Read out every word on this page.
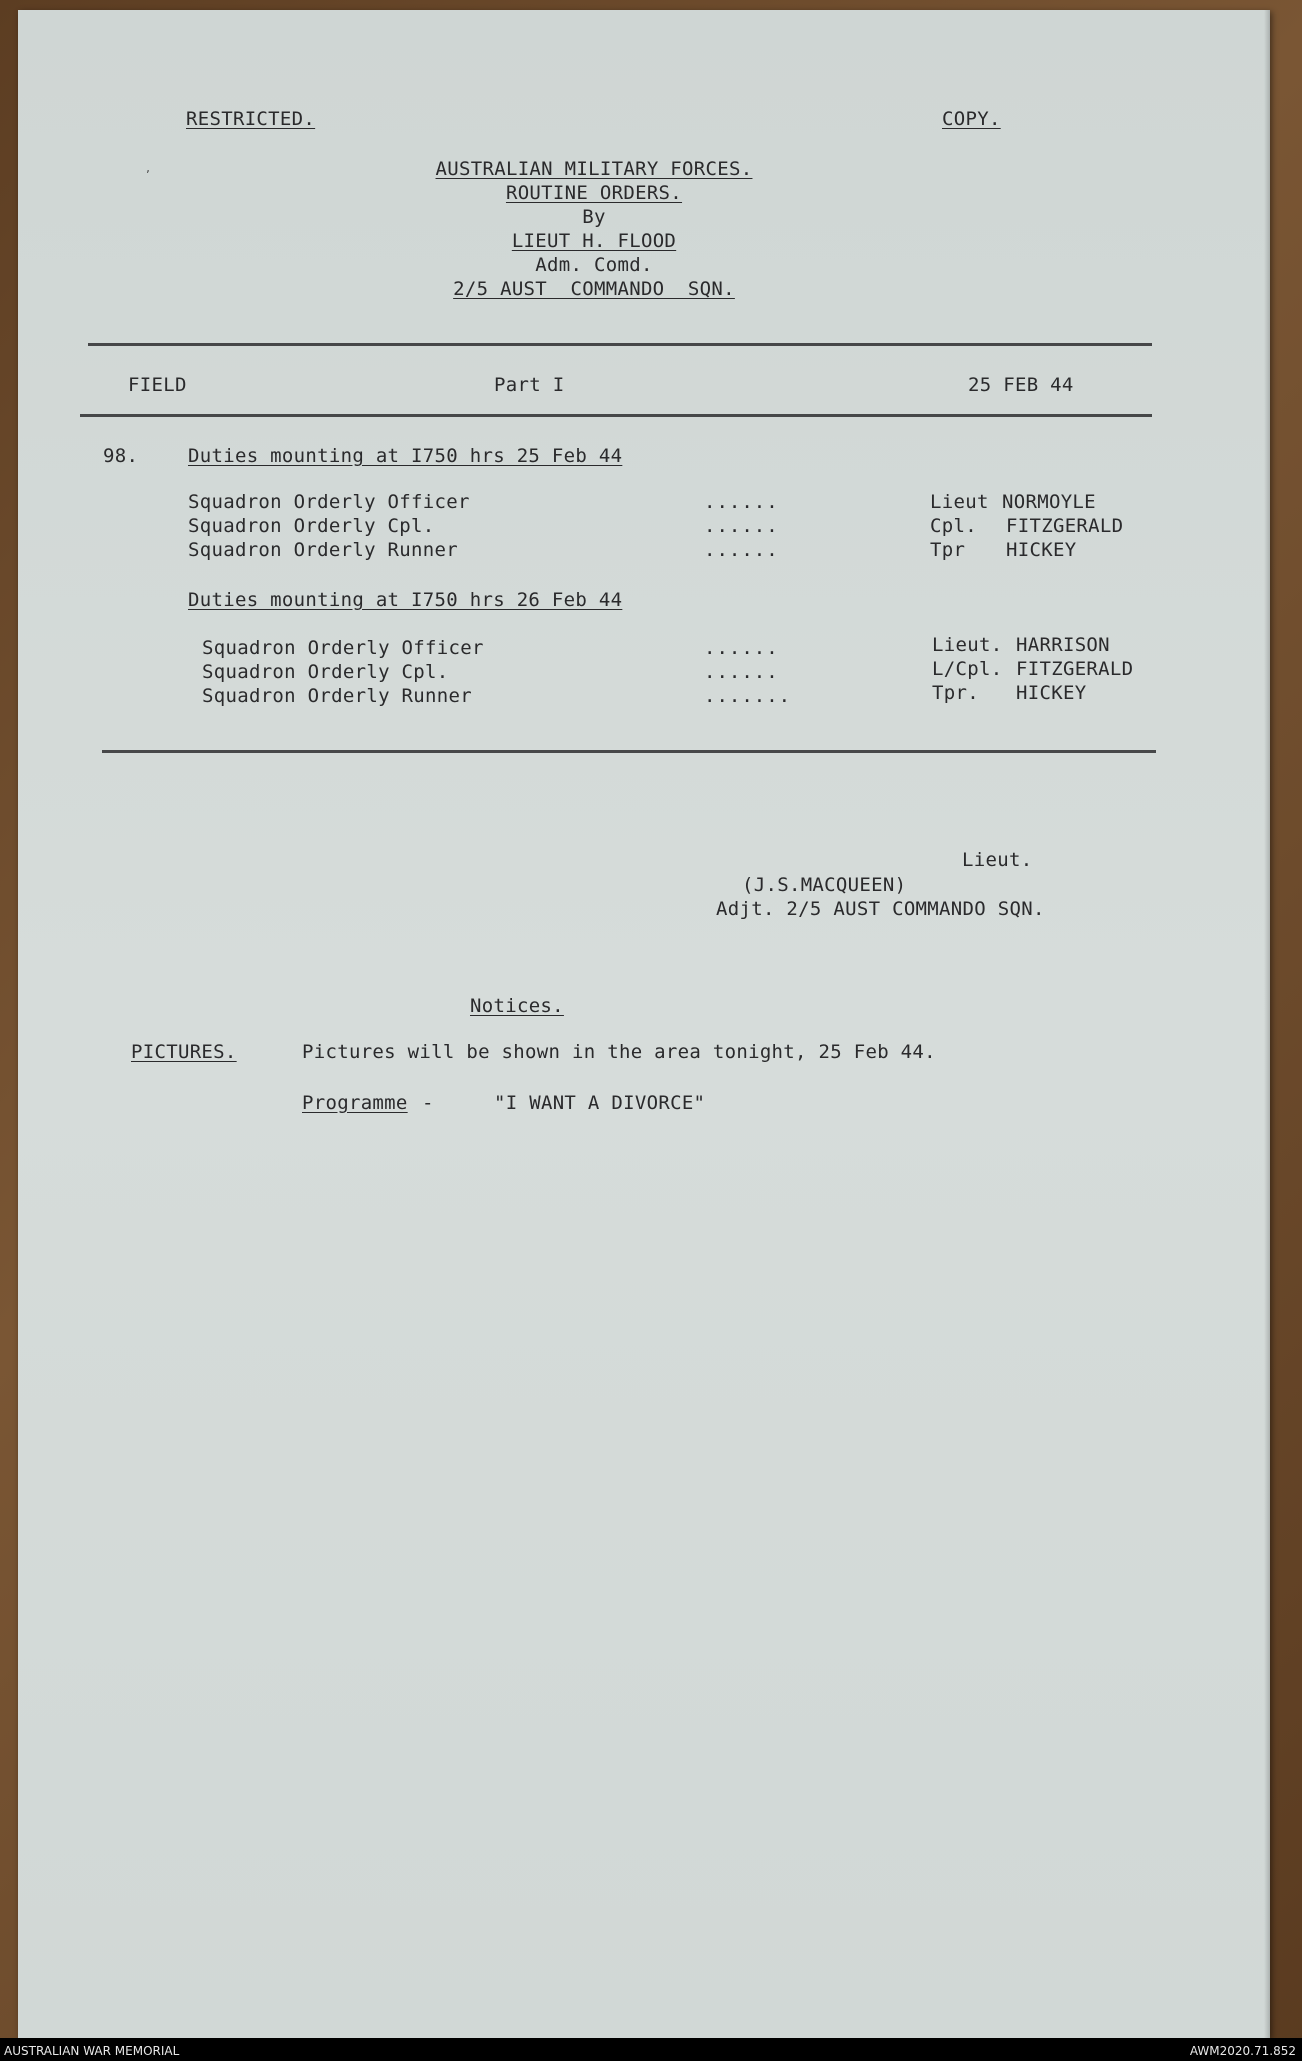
RESTRICTED.	COPY.
ʼ	AUSTRALIAN MILITARY FORCES.
ROUTINE ORDERS.
By
LIEUT H. FLOOD
Adm. Comd.
2/5 AUST  COMMANDO  SQN.
FIELD	Part I	25 FEB 44
98.	Duties mounting at I750 hrs 25 Feb 44
Squadron Orderly Officer	......	Lieut NORMOYLE
Squadron Orderly Cpl.	......	Cpl. FITZGERALD
Squadron Orderly Runner	......	Tpr HICKEY
Duties mounting at I750 hrs 26 Feb 44
Squadron Orderly Officer	......	Lieut. HARRISON
Squadron Orderly Cpl.	......	L/Cpl. FITZGERALD
Squadron Orderly Runner	.......	Tpr. HICKEY
Lieut.
(J.S.MACQUEEN)
Adjt. 2/5 AUST COMMANDO SQN.
Notices.
PICTURES.	Pictures will be shown in the area tonight, 25 Feb 44.
Programme -	"I WANT A DIVORCE"
AUSTRALIAN WAR MEMORIAL	AWM2020.71.852
